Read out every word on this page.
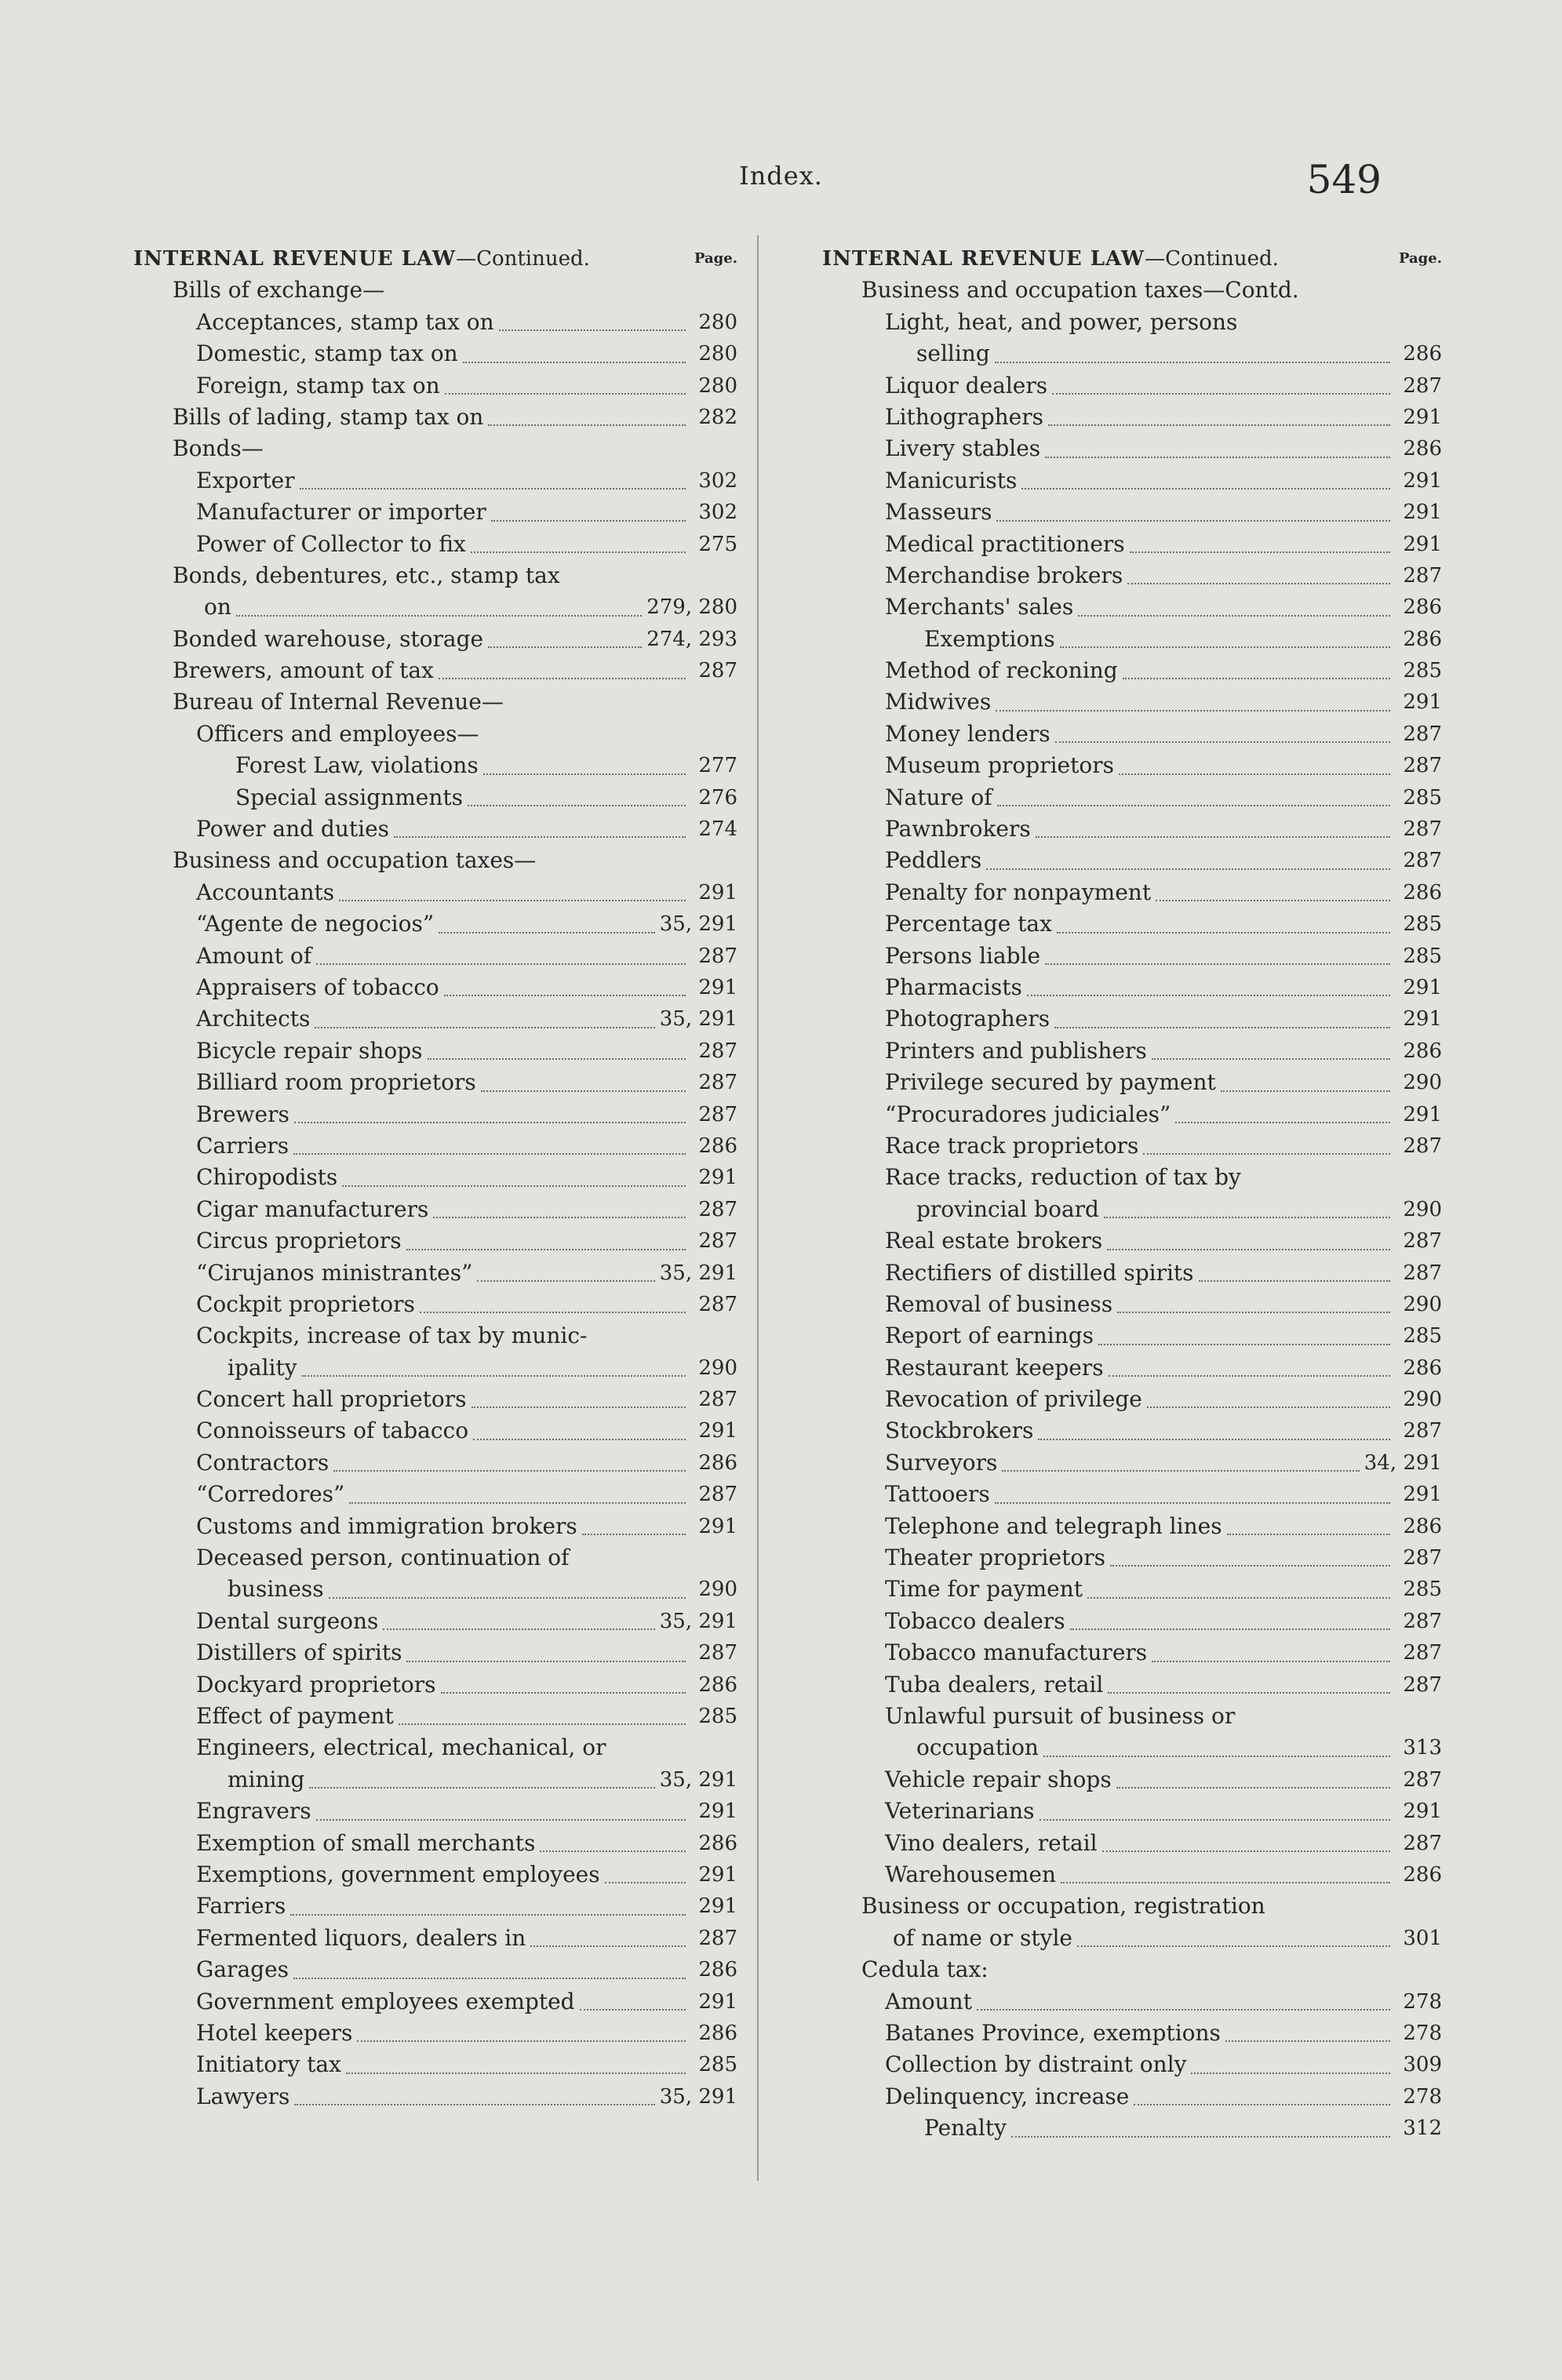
Index.	549
INTERNAL REVENUE LAW—Continued.	Page.
Bills of exchange—
Acceptances, stamp tax on	280
Domestic, stamp tax on	280
Foreign, stamp tax on	280
Bills of lading, stamp tax on	282
Bonds—
Exporter	302
Manufacturer or importer	302
Power of Collector to fix	275
Bonds, debentures, etc., stamp tax
on	279, 280
Bonded warehouse, storage	274, 293
Brewers, amount of tax	287
Bureau of Internal Revenue—
Officers and employees—
Forest Law, violations	277
Special assignments	276
Power and duties	274
Business and occupation taxes—
Accountants	291
“Agente de negocios”	35, 291
Amount of	287
Appraisers of tobacco	291
Architects	35, 291
Bicycle repair shops	287
Billiard room proprietors	287
Brewers	287
Carriers	286
Chiropodists	291
Cigar manufacturers	287
Circus proprietors	287
“Cirujanos ministrantes”	35, 291
Cockpit proprietors	287
Cockpits, increase of tax by munic-
ipality	290
Concert hall proprietors	287
Connoisseurs of tabacco	291
Contractors	286
“Corredores”	287
Customs and immigration brokers	291
Deceased person, continuation of
business	290
Dental surgeons	35, 291
Distillers of spirits	287
Dockyard proprietors	286
Effect of payment	285
Engineers, electrical, mechanical, or
mining	35, 291
Engravers	291
Exemption of small merchants	286
Exemptions, government employees	291
Farriers	291
Fermented liquors, dealers in	287
Garages	286
Government employees exempted	291
Hotel keepers	286
Initiatory tax	285
Lawyers	35, 291
INTERNAL REVENUE LAW—Continued.	Page.
Business and occupation taxes—Contd.
Light, heat, and power, persons
selling	286
Liquor dealers	287
Lithographers	291
Livery stables	286
Manicurists	291
Masseurs	291
Medical practitioners	291
Merchandise brokers	287
Merchants' sales	286
Exemptions	286
Method of reckoning	285
Midwives	291
Money lenders	287
Museum proprietors	287
Nature of	285
Pawnbrokers	287
Peddlers	287
Penalty for nonpayment	286
Percentage tax	285
Persons liable	285
Pharmacists	291
Photographers	291
Printers and publishers	286
Privilege secured by payment	290
“Procuradores judiciales”	291
Race track proprietors	287
Race tracks, reduction of tax by
provincial board	290
Real estate brokers	287
Rectifiers of distilled spirits	287
Removal of business	290
Report of earnings	285
Restaurant keepers	286
Revocation of privilege	290
Stockbrokers	287
Surveyors	34, 291
Tattooers	291
Telephone and telegraph lines	286
Theater proprietors	287
Time for payment	285
Tobacco dealers	287
Tobacco manufacturers	287
Tuba dealers, retail	287
Unlawful pursuit of business or
occupation	313
Vehicle repair shops	287
Veterinarians	291
Vino dealers, retail	287
Warehousemen	286
Business or occupation, registration
of name or style	301
Cedula tax:
Amount	278
Batanes Province, exemptions	278
Collection by distraint only	309
Delinquency, increase	278
Penalty	312
